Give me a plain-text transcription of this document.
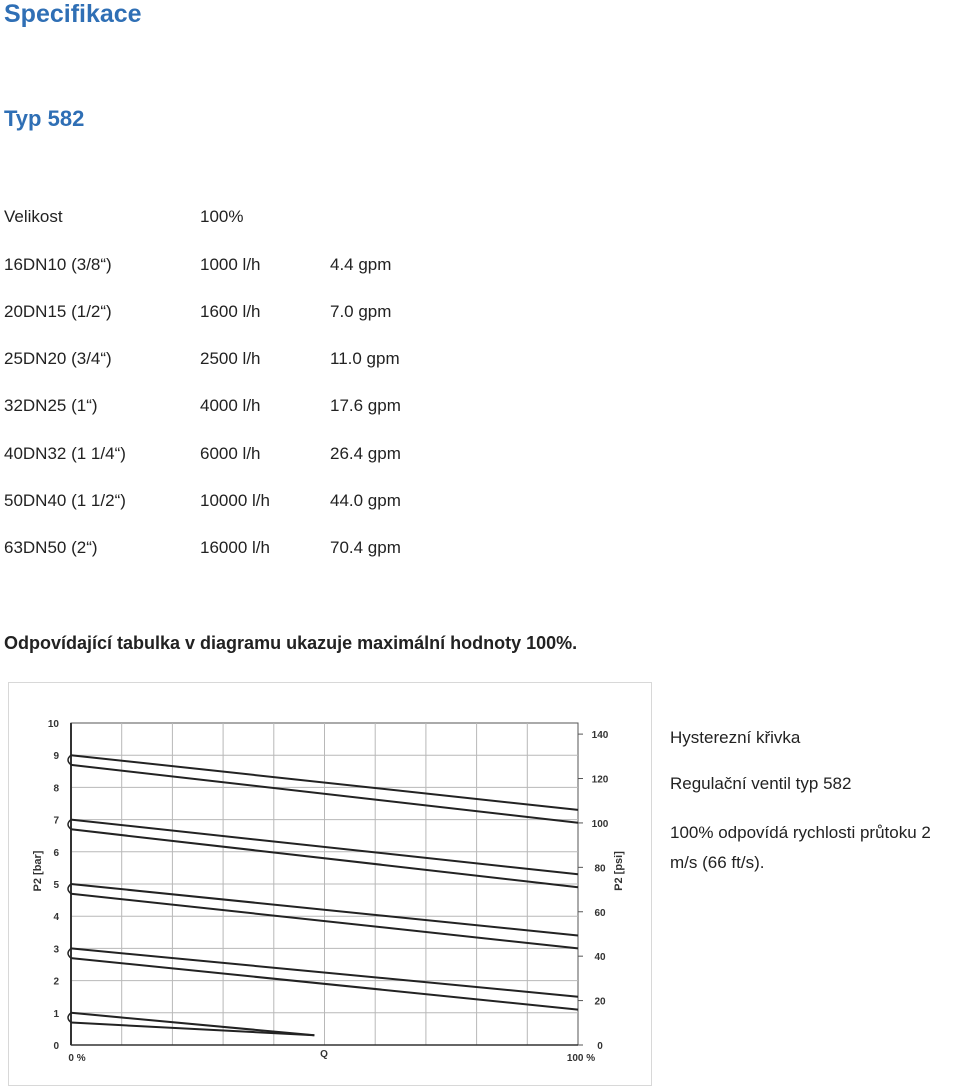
Specifikace
Typ 582
Velikost	100%
16DN10 (3/8“)	1000 l/h	4.4 gpm
20DN15 (1/2“)	1600 l/h	7.0 gpm
25DN20 (3/4“)	2500 l/h	11.0 gpm
32DN25 (1“)	4000 l/h	17.6 gpm
40DN32 (1 1/4“)	6000 l/h	26.4 gpm
50DN40 (1 1/2“)	10000 l/h	44.0 gpm
63DN50 (2“)	16000 l/h	70.4 gpm
Odpovídající tabulka v diagramu ukazuje maximální hodnoty 100%.
0
1
2
3
4
5
6
7
8
9
10
0
20
40
60
80
100
120
140
P2 [bar]	P2 [psi]
0 %	Q	100 %
Hysterezní křivka
Regulační ventil typ 582
100% odpovídá rychlosti průtoku 2 m/s (66 ft/s).
